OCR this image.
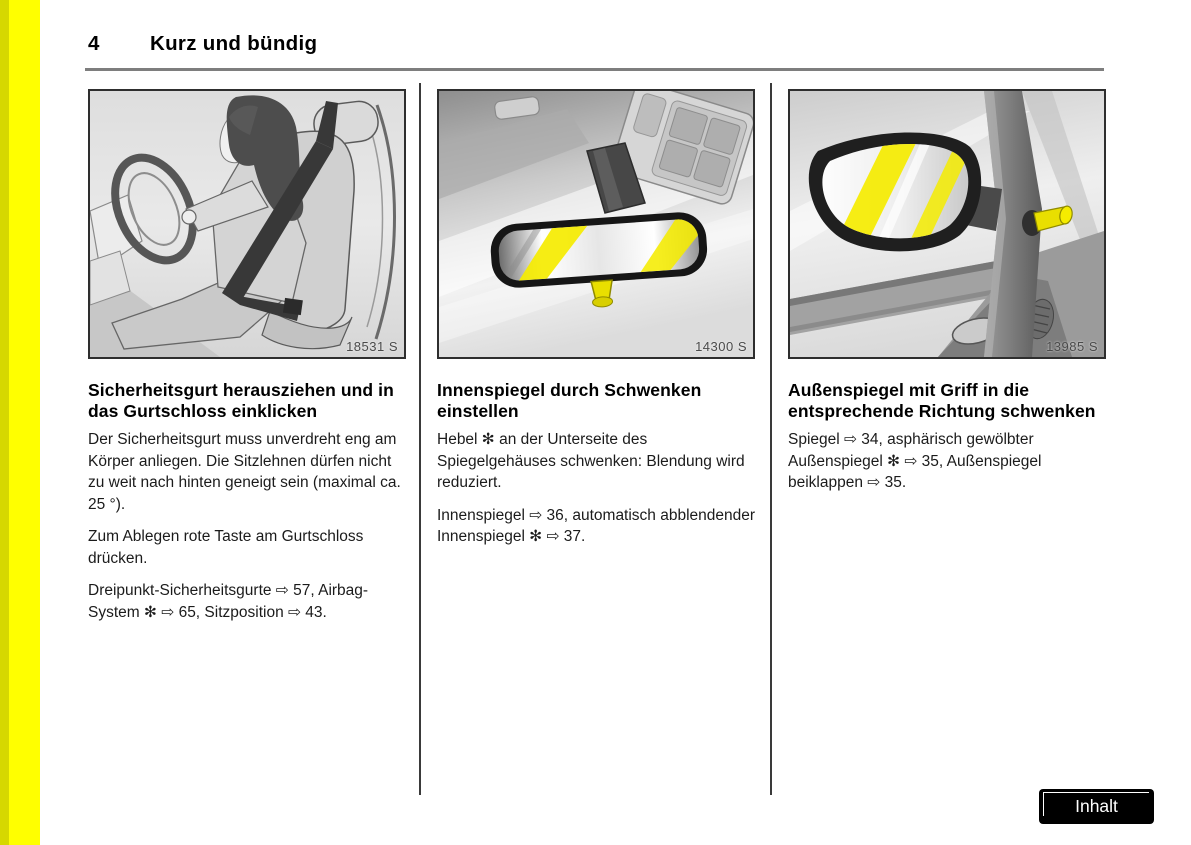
4	Kurz und bündig
18531 S
Sicherheitsgurt herausziehen und in das Gurtschloss einklicken

Der Sicherheitsgurt muss unverdreht eng am Körper anliegen. Die Sitzlehnen dürfen nicht zu weit nach hinten geneigt sein (maximal ca. 25 °).

Zum Ablegen rote Taste am Gurtschloss drücken.

Dreipunkt-Sicherheitsgurte ⇨ 57, Airbag-System ✻ ⇨ 65, Sitzposition ⇨ 43.

14300 S
Innenspiegel durch Schwenken einstellen

Hebel ✻ an der Unterseite des Spiegelgehäuses schwenken: Blendung wird reduziert.

Innenspiegel ⇨ 36, automatisch abblendender Innenspiegel ✻ ⇨ 37.

13985 S
Außenspiegel mit Griff in die entsprechende Richtung schwenken

Spiegel ⇨ 34, asphärisch gewölbter Außenspiegel ✻ ⇨ 35, Außenspiegel beiklappen ⇨ 35.

Inhalt
